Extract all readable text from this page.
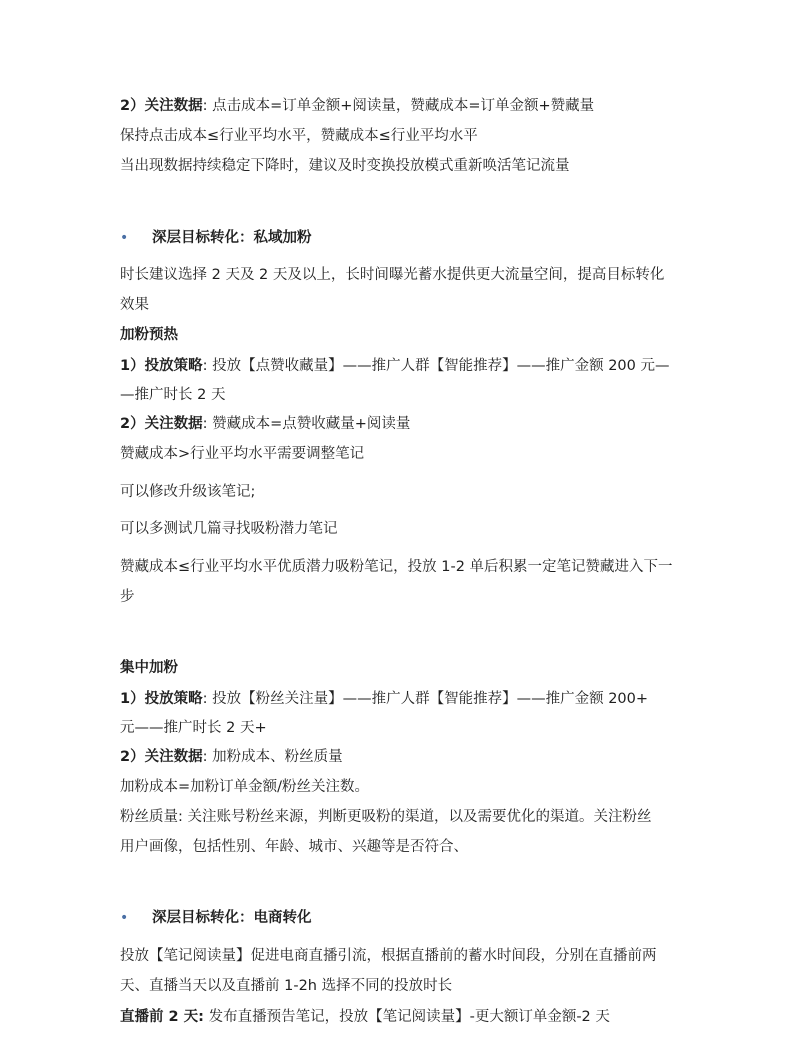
2）关注数据: 点击成本=订单金额+阅读量，赞藏成本=订单金额+赞藏量
保持点击成本≤行业平均水平，赞藏成本≤行业平均水平
当出现数据持续稳定下降时，建议及时变换投放模式重新唤活笔记流量
• 深层目标转化：私域加粉
时长建议选择 2 天及 2 天及以上，长时间曝光蓄水提供更大流量空间，提高目标转化
效果
加粉预热
1）投放策略: 投放【点赞收藏量】——推广人群【智能推荐】——推广金额 200 元—
—推广时长 2 天
2）关注数据: 赞藏成本=点赞收藏量+阅读量
赞藏成本>行业平均水平需要调整笔记
可以修改升级该笔记;
可以多测试几篇寻找吸粉潜力笔记
赞藏成本≤行业平均水平优质潜力吸粉笔记，投放 1-2 单后积累一定笔记赞藏进入下一
步
集中加粉
1）投放策略: 投放【粉丝关注量】——推广人群【智能推荐】——推广金额 200+
元——推广时长 2 天+
2）关注数据: 加粉成本、粉丝质量
加粉成本=加粉订单金额/粉丝关注数。
粉丝质量: 关注账号粉丝来源，判断更吸粉的渠道，以及需要优化的渠道。关注粉丝
用户画像，包括性别、年龄、城市、兴趣等是否符合、
• 深层目标转化：电商转化
投放【笔记阅读量】促进电商直播引流，根据直播前的蓄水时间段，分别在直播前两
天、直播当天以及直播前 1-2h 选择不同的投放时长
直播前 2 天: 发布直播预告笔记，投放【笔记阅读量】-更大额订单金额-2 天
